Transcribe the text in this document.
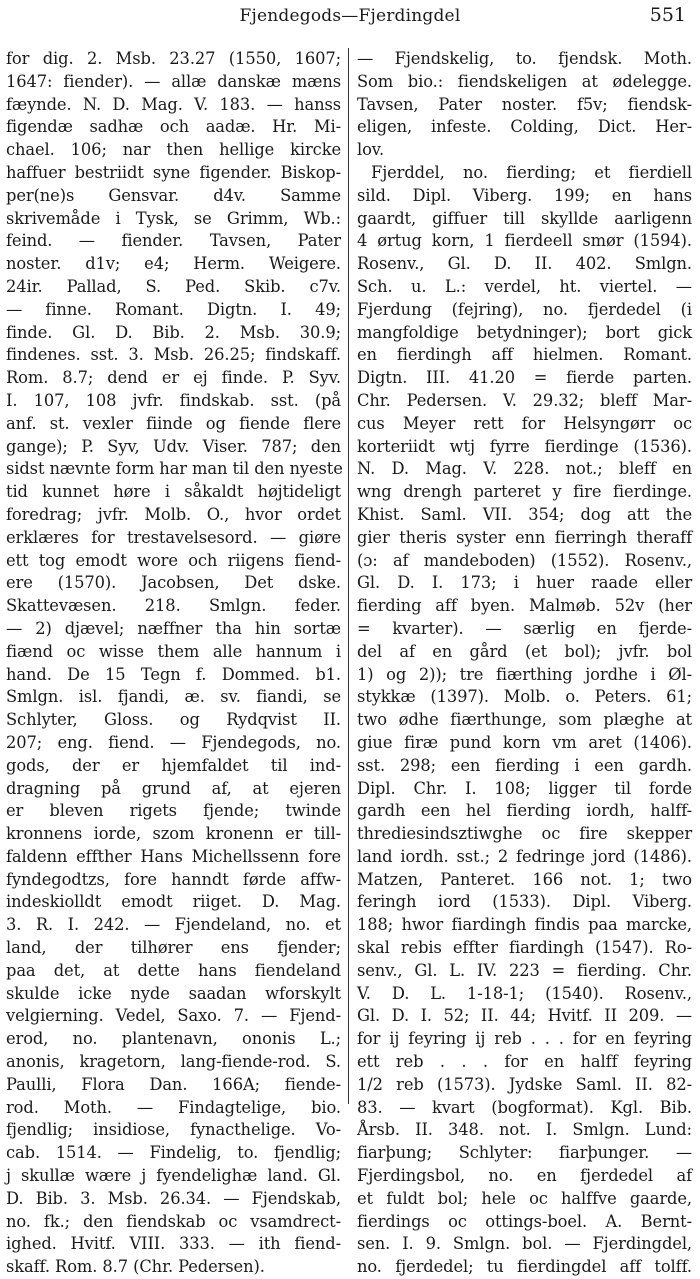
Fjendegods—Fjerdingdel	551
for dig. 2. Msb. 23.27 (1550, 1607;
1647: fiender). — allæ danskæ mæns
fæynde. N. D. Mag. V. 183. — hanss
figendæ sadhæ och aadæ. Hr. Mi-
chael. 106; nar then hellige kircke
haffuer bestriidt syne figender. Biskop-
per(ne)s Gensvar. d4v. Samme
skrivemåde i Tysk, se Grimm, Wb.:
feind. — fiender. Tavsen, Pater
noster. d1v; e4; Herm. Weigere.
24ir. Pallad, S. Ped. Skib. c7v.
— finne. Romant. Digtn. I. 49;
finde. Gl. D. Bib. 2. Msb. 30.9;
findenes. sst. 3. Msb. 26.25; findskaff.
Rom. 8.7; dend er ej finde. P. Syv.
I. 107, 108 jvfr. findskab. sst. (på
anf. st. vexler fiinde og fiende flere
gange); P. Syv, Udv. Viser. 787; den
sidst nævnte form har man til den nyeste
tid kunnet høre i såkaldt højtideligt
foredrag; jvfr. Molb. O., hvor ordet
erklæres for trestavelsesord. — giøre
ett tog emodt wore och riigens fiend-
ere (1570). Jacobsen, Det dske.
Skattevæsen. 218. Smlgn. feder.
— 2) djævel; næffner tha hin sortæ
fiænd oc wisse them alle hannum i
hand. De 15 Tegn f. Dommed. b1.
Smlgn. isl. fjandi, æ. sv. fiandi, se
Schlyter, Gloss. og Rydqvist II.
207; eng. fiend. — Fjendegods, no.
gods, der er hjemfaldet til ind-
dragning på grund af, at ejeren
er bleven rigets fjende; twinde
kronnens iorde, szom kronenn er till-
faldenn effther Hans Michellssenn fore
fyndegodtzs, fore hanndt førde affw-
indeskiolldt emodt riiget. D. Mag.
3. R. I. 242. — Fjendeland, no. et
land, der tilhører ens fjender;
paa det, at dette hans fiendeland
skulde icke nyde saadan wforskylt
velgierning. Vedel, Saxo. 7. — Fjend-
erod, no. plantenavn, ononis L.;
anonis, kragetorn, lang-fiende-rod. S.
Paulli, Flora Dan. 166A; fiende-
rod. Moth. — Findagtelige, bio.
fjendlig; insidiose, fynacthelige. Vo-
cab. 1514. — Findelig, to. fjendlig;
j skullæ wære j fyendelighæ land. Gl.
D. Bib. 3. Msb. 26.34. — Fjendskab,
no. fk.; den fiendskab oc vsamdrect-
ighed. Hvitf. VIII. 333. — ith fiend-
skaff. Rom. 8.7 (Chr. Pedersen).
— Fjendskelig, to. fjendsk. Moth.
Som bio.: fiendskeligen at ødelegge.
Tavsen, Pater noster. f5v; fiendsk-
eligen, infeste. Colding, Dict. Her-
lov.
Fjerddel, no. fierding; et fierdiell
sild. Dipl. Viberg. 199; en hans
gaardt, giffuer till skyllde aarligenn
4 ørtug korn, 1 fierdeell smør (1594).
Rosenv., Gl. D. II. 402. Smlgn.
Sch. u. L.: verdel, ht. viertel. —
Fjerdung (fejring), no. fjerdedel (i
mangfoldige betydninger); bort gick
en fierdingh aff hielmen. Romant.
Digtn. III. 41.20 = fierde parten.
Chr. Pedersen. V. 29.32; bleff Mar-
cus Meyer rett for Helsyngørr oc
korteriidt wtj fyrre fierdinge (1536).
N. D. Mag. V. 228. not.; bleff en
wng drengh parteret y fire fierdinge.
Khist. Saml. VII. 354; dog att the
gier theris syster enn fierringh theraff
(ɔ: af mandeboden) (1552). Rosenv.,
Gl. D. I. 173; i huer raade eller
fierding aff byen. Malmøb. 52v (her
= kvarter). — særlig en fjerde-
del af en gård (et bol); jvfr. bol
1) og 2)); tre fiærthing jordhe i Øl-
stykkæ (1397). Molb. o. Peters. 61;
two ødhe fiærthunge, som plæghe at
giue firæ pund korn vm aret (1406).
sst. 298; een fierding i een gardh.
Dipl. Chr. I. 108; ligger til forde
gardh een hel fierding iordh, halff-
thrediesindsztiwghe oc fire skepper
land iordh. sst.; 2 fedringe jord (1486).
Matzen, Panteret. 166 not. 1; two
feringh iord (1533). Dipl. Viberg.
188; hwor fiardingh findis paa marcke,
skal rebis effter fiardingh (1547). Ro-
senv., Gl. L. IV. 223 = fierding. Chr.
V. D. L. 1-18-1; (1540). Rosenv.,
Gl. D. I. 52; II. 44; Hvitf. II 209. —
for ij feyring ij reb . . . for en feyring
ett reb . . . for en halff feyring
1/2 reb (1573). Jydske Saml. II. 82-
83. — kvart (bogformat). Kgl. Bib.
Årsb. II. 348. not. I. Smlgn. Lund:
fiarþung; Schlyter: fiarþunger. —
Fjerdingsbol, no. en fjerdedel af
et fuldt bol; hele oc halffve gaarde,
fierdings oc ottings-boel. A. Bernt-
sen. I. 9. Smlgn. bol. — Fjerdingdel,
no. fjerdedel; tu fierdingdel aff tolff.
